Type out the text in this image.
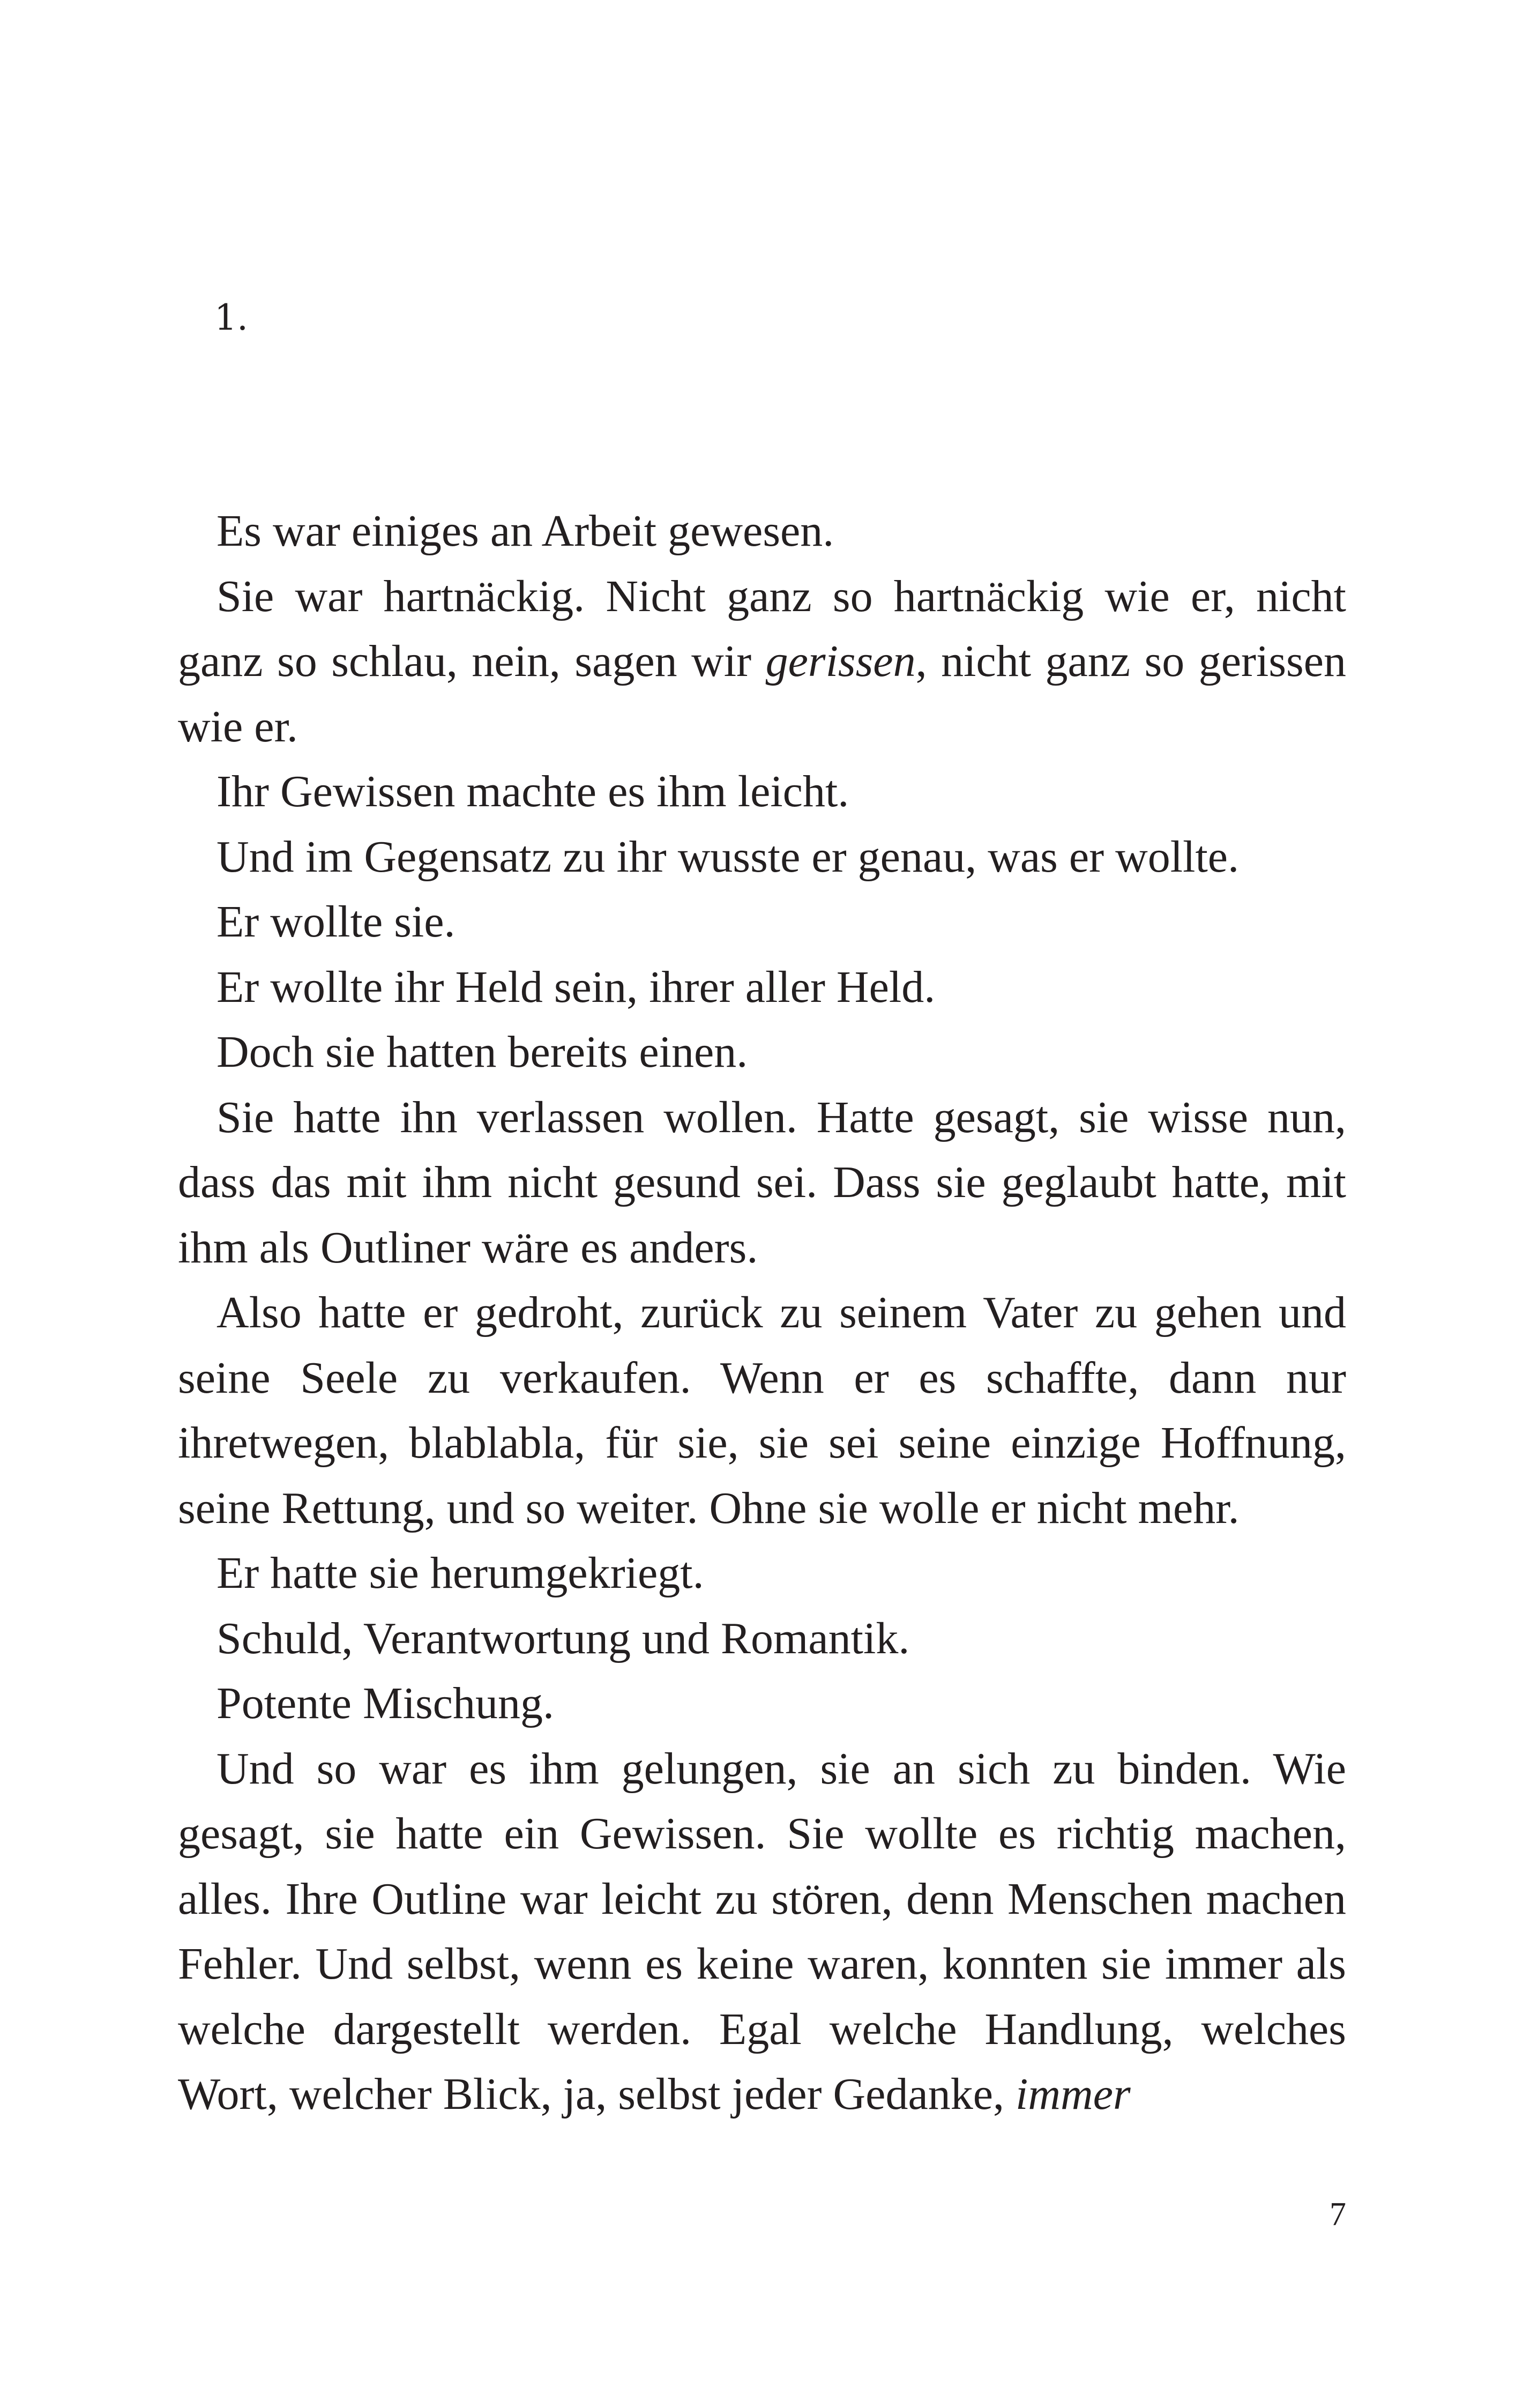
1.

Es war einiges an Arbeit gewesen.

Sie war hartnäckig. Nicht ganz so hartnäckig wie er, nicht ganz so schlau, nein, sagen wir gerissen, nicht ganz so gerissen wie er.

Ihr Gewissen machte es ihm leicht.

Und im Gegensatz zu ihr wusste er genau, was er wollte.

Er wollte sie.

Er wollte ihr Held sein, ihrer aller Held.

Doch sie hatten bereits einen.

Sie hatte ihn verlassen wollen. Hatte gesagt, sie wisse nun, dass das mit ihm nicht gesund sei. Dass sie geglaubt hatte, mit ihm als Outliner wäre es anders.

Also hatte er gedroht, zurück zu seinem Vater zu gehen und seine Seele zu verkaufen. Wenn er es schaffte, dann nur ihretwegen, blablabla, für sie, sie sei seine einzige Hoffnung, seine Rettung, und so weiter. Ohne sie wolle er nicht mehr.

Er hatte sie herumgekriegt.

Schuld, Verantwortung und Romantik.

Potente Mischung.

Und so war es ihm gelungen, sie an sich zu binden. Wie gesagt, sie hatte ein Gewissen. Sie wollte es richtig machen, alles. Ihre Outline war leicht zu stören, denn Menschen machen Fehler. Und selbst, wenn es keine waren, konnten sie immer als welche dargestellt werden. Egal welche Handlung, welches Wort, welcher Blick, ja, selbst jeder Gedanke, immer

7
